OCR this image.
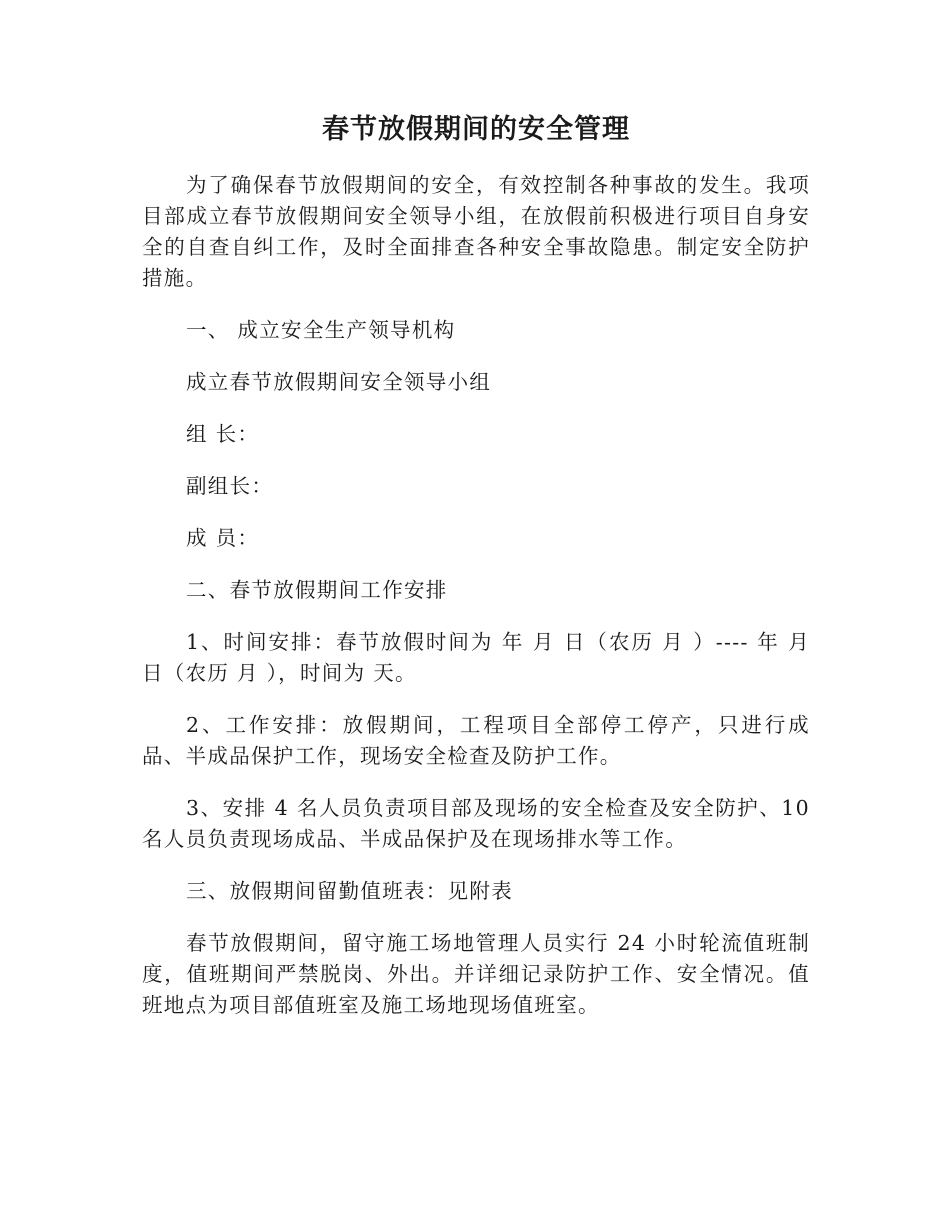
春节放假期间的安全管理

为了确保春节放假期间的安全，有效控制各种事故的发生。我项目部成立春节放假期间安全领导小组，在放假前积极进行项目自身安全的自查自纠工作，及时全面排查各种安全事故隐患。制定安全防护措施。

一、 成立安全生产领导机构

成立春节放假期间安全领导小组

组 长：

副组长：

成 员：

二、春节放假期间工作安排

1、时间安排：春节放假时间为 年 月 日（农历 月 ）---- 年 月 日（农历 月 ），时间为 天。

2、工作安排：放假期间，工程项目全部停工停产，只进行成品、半成品保护工作，现场安全检查及防护工作。

3、安排 4 名人员负责项目部及现场的安全检查及安全防护、10 名人员负责现场成品、半成品保护及在现场排水等工作。

三、放假期间留勤值班表：见附表

春节放假期间，留守施工场地管理人员实行 24 小时轮流值班制度，值班期间严禁脱岗、外出。并详细记录防护工作、安全情况。值班地点为项目部值班室及施工场地现场值班室。
